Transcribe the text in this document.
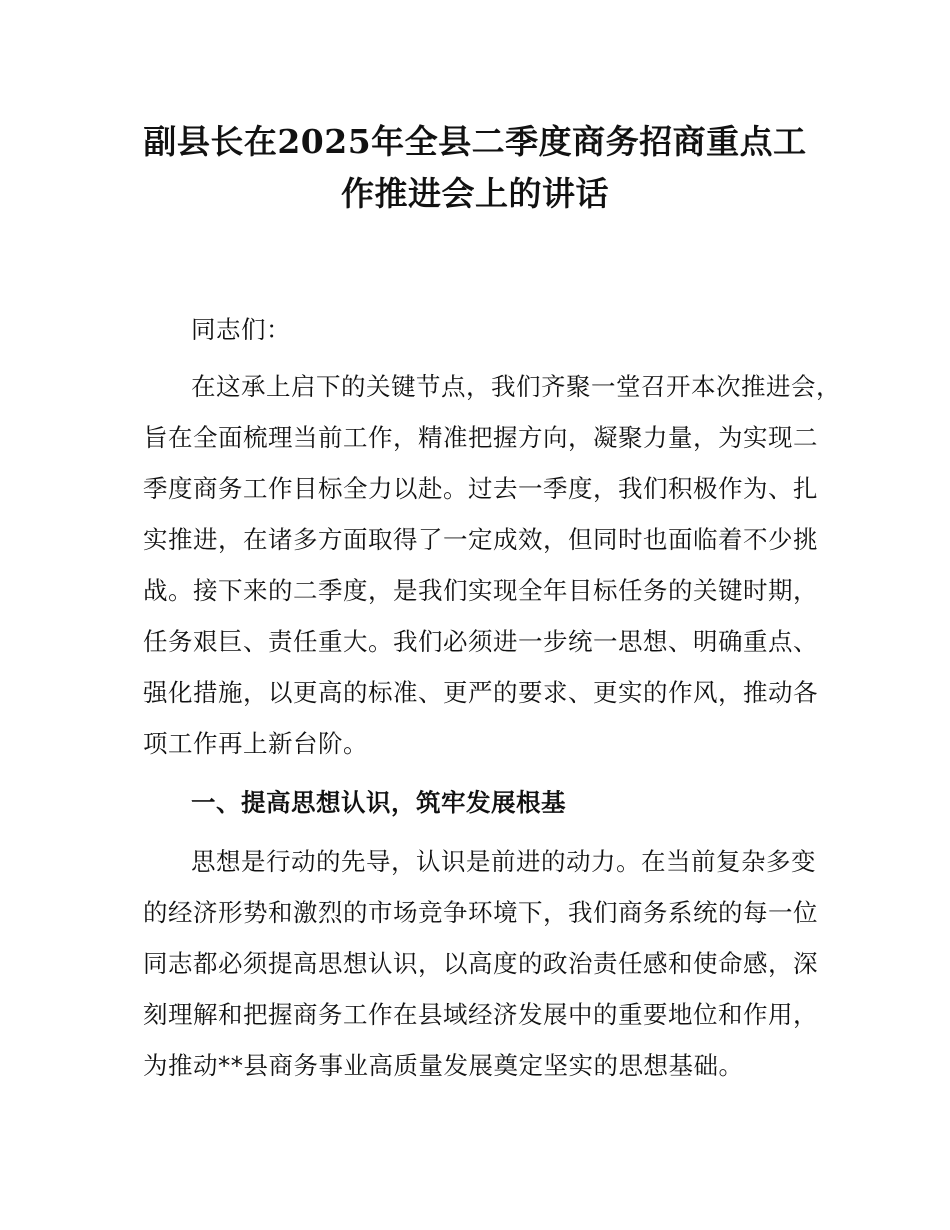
副县长在2025年全县二季度商务招商重点工
作推进会上的讲话
同志们：
在这承上启下的关键节点，我们齐聚一堂召开本次推进会，
旨在全面梳理当前工作，精准把握方向，凝聚力量，为实现二
季度商务工作目标全力以赴。过去一季度，我们积极作为、扎
实推进，在诸多方面取得了一定成效，但同时也面临着不少挑
战。接下来的二季度，是我们实现全年目标任务的关键时期，
任务艰巨、责任重大。我们必须进一步统一思想、明确重点、
强化措施，以更高的标准、更严的要求、更实的作风，推动各
项工作再上新台阶。
一、提高思想认识，筑牢发展根基
思想是行动的先导，认识是前进的动力。在当前复杂多变
的经济形势和激烈的市场竞争环境下，我们商务系统的每一位
同志都必须提高思想认识，以高度的政治责任感和使命感，深
刻理解和把握商务工作在县域经济发展中的重要地位和作用，
为推动**县商务事业高质量发展奠定坚实的思想基础。
